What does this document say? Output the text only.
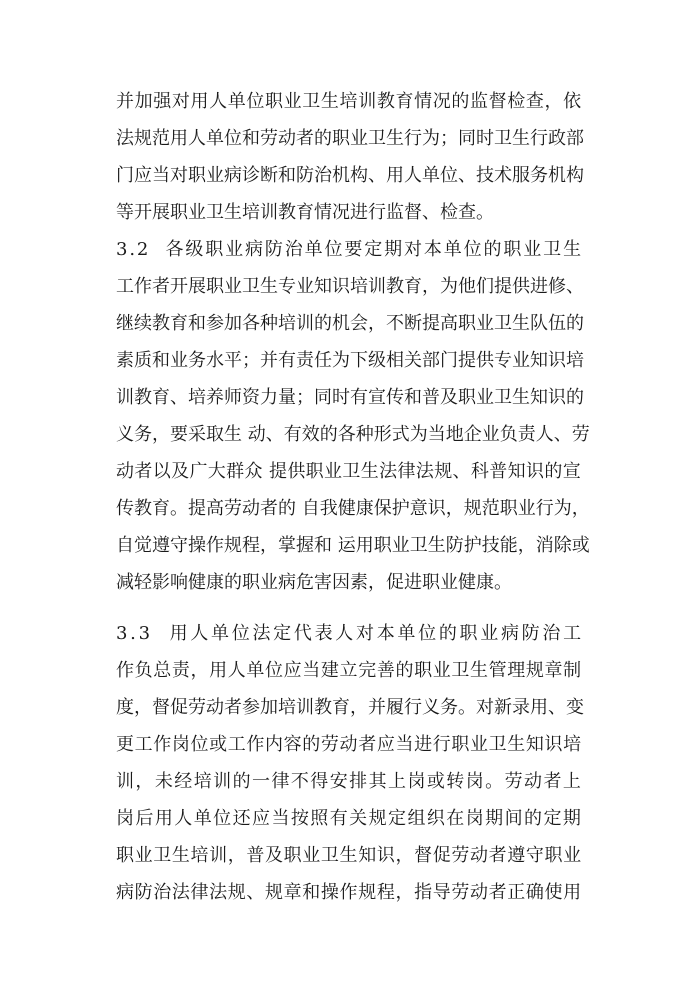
并加强对用人单位职业卫生培训教育情况的监督检查，依
法规范用人单位和劳动者的职业卫生行为；同时卫生行政部
门应当对职业病诊断和防治机构、用人单位、技术服务机构
等开展职业卫生培训教育情况进行监督、检查。
3.2  各级职业病防治单位要定期对本单位的职业卫生
工作者开展职业卫生专业知识培训教育，为他们提供进修、
继续教育和参加各种培训的机会，不断提高职业卫生队伍的
素质和业务水平；并有责任为下级相关部门提供专业知识培
训教育、培养师资力量；同时有宣传和普及职业卫生知识的
义务，要采取生 动、有效的各种形式为当地企业负责人、劳
动者以及广大群众 提供职业卫生法律法规、科普知识的宣
传教育。提高劳动者的 自我健康保护意识，规范职业行为，
自觉遵守操作规程，掌握和 运用职业卫生防护技能，消除或
减轻影响健康的职业病危害因素，促进职业健康。
3.3  用人单位法定代表人对本单位的职业病防治工
作负总责，用人单位应当建立完善的职业卫生管理规章制
度，督促劳动者参加培训教育，并履行义务。对新录用、变
更工作岗位或工作内容的劳动者应当进行职业卫生知识培
训，未经培训的一律不得安排其上岗或转岗。劳动者上
岗后用人单位还应当按照有关规定组织在岗期间的定期
职业卫生培训，普及职业卫生知识，督促劳动者遵守职业
病防治法律法规、规章和操作规程，指导劳动者正确使用
